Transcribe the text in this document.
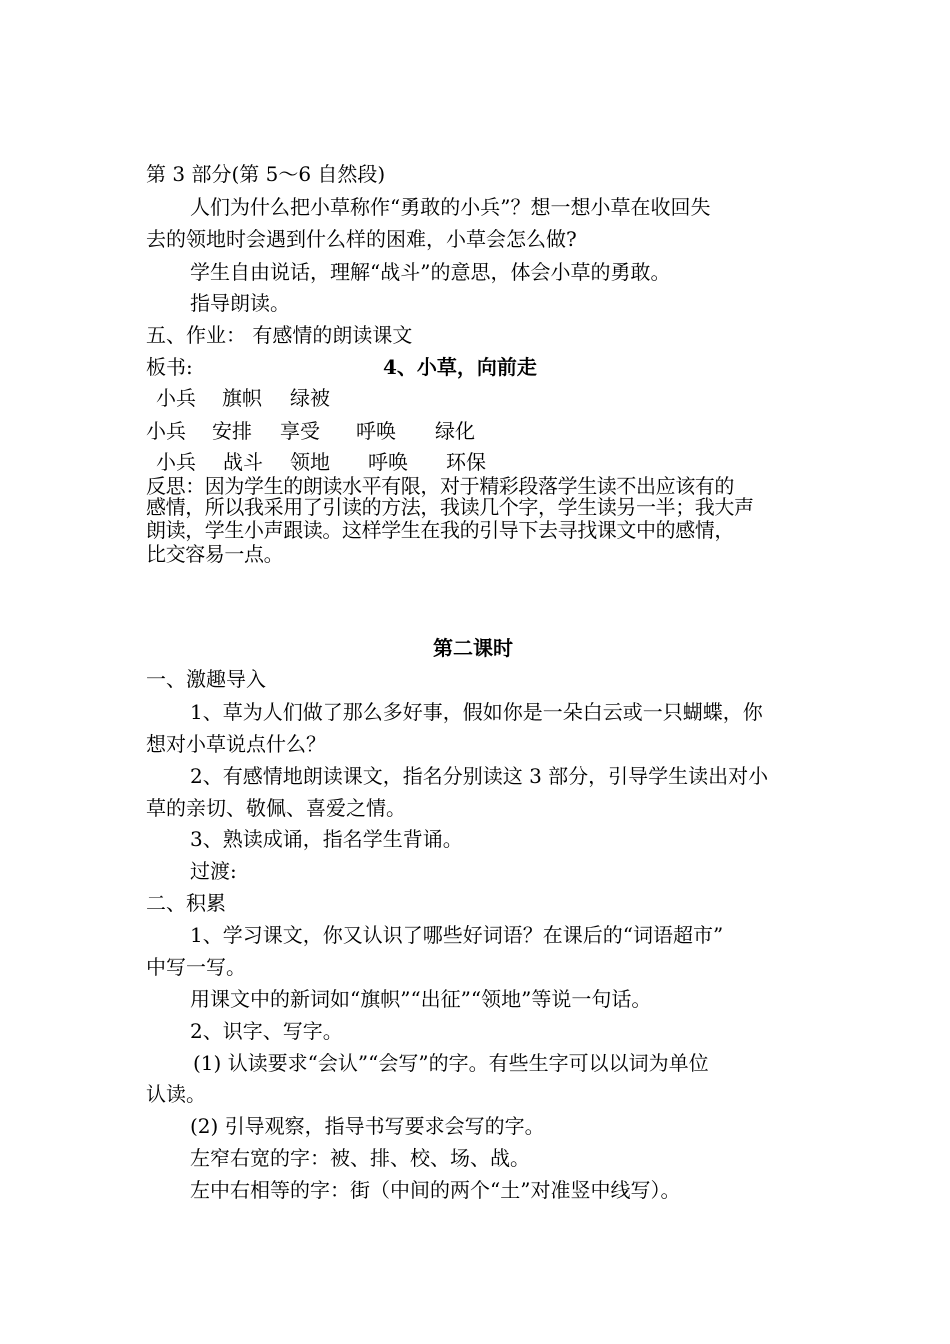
第 3 部分(第 5～6 自然段)
人们为什么把小草称作“勇敢的小兵”？想一想小草在收回失
去的领地时会遇到什么样的困难，小草会怎么做?
学生自由说话，理解“战斗”的意思，体会小草的勇敢。
指导朗读。
五、作业： 有感情的朗读课文
板书:	4、小草，向前走
小兵 旗帜 绿被
小兵 安排 享受 呼唤 绿化
小兵 战斗 领地 呼唤 环保
反思：因为学生的朗读水平有限，对于精彩段落学生读不出应该有的
感情，所以我采用了引读的方法，我读几个字，学生读另一半；我大声
朗读，学生小声跟读。这样学生在我的引导下去寻找课文中的感情，
比交容易一点。
第二课时
一、激趣导入
1、草为人们做了那么多好事，假如你是一朵白云或一只蝴蝶，你
想对小草说点什么？
2、有感情地朗读课文，指名分别读这 3 部分，引导学生读出对小
草的亲切、敬佩、喜爱之情。
3、熟读成诵，指名学生背诵。
过渡:
二、积累
1、学习课文，你又认识了哪些好词语？在课后的“词语超市”
中写一写。
用课文中的新词如“旗帜”“出征”“领地”等说一句话。
2、识字、写字。
(1) 认读要求“会认”“会写”的字。有些生字可以以词为单位
认读。
(2) 引导观察，指导书写要求会写的字。
左窄右宽的字：被、排、校、场、战。
左中右相等的字：街（中间的两个“土”对准竖中线写）。
